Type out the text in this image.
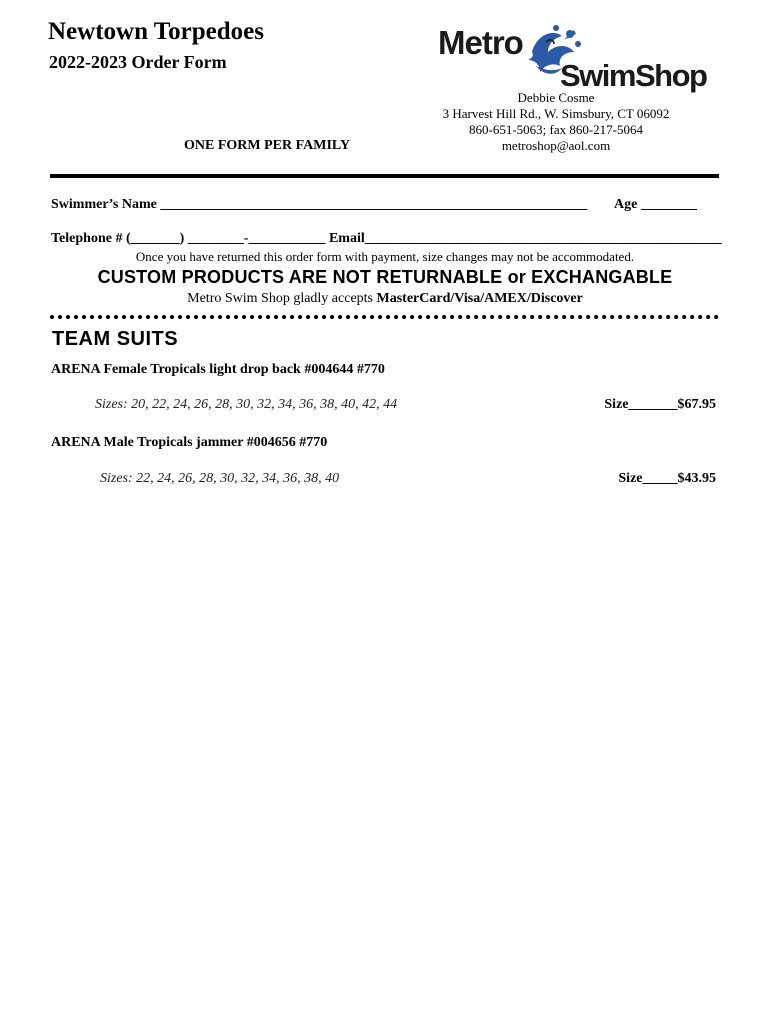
Newtown Torpedoes
2022-2023 Order Form
ONE FORM PER FAMILY
Metro
SwimShop
Debbie Cosme
3 Harvest Hill Rd., W. Simsbury, CT 06092
860-651-5063; fax 860-217-5064
metroshop@aol.com
Swimmer’s Name _____________________________________________________________ Age ________
Telephone # (_______) ________-___________ Email___________________________________________________
Once you have returned this order form with payment, size changes may not be accommodated.
CUSTOM PRODUCTS ARE NOT RETURNABLE or EXCHANGABLE
Metro Swim Shop gladly accepts MasterCard/Visa/AMEX/Discover
TEAM SUITS
ARENA Female Tropicals light drop back #004644 #770
Sizes: 20, 22, 24, 26, 28, 30, 32, 34, 36, 38, 40, 42, 44	Size_______$67.95
ARENA Male Tropicals jammer #004656 #770
Sizes: 22, 24, 26, 28, 30, 32, 34, 36, 38, 40	Size_____$43.95
